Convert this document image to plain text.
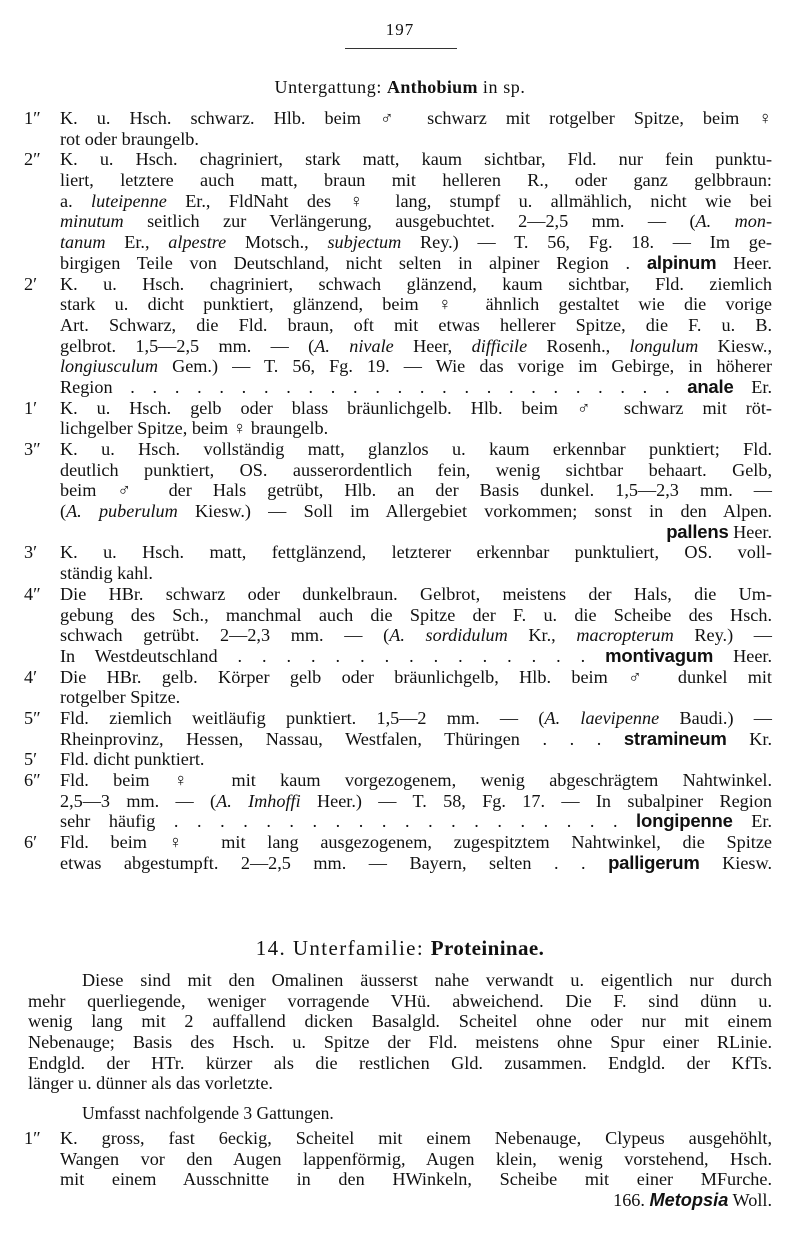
197
Untergattung: Anthobium in sp.
1″ K. u. Hsch. schwarz. Hlb. beim ♂ schwarz mit rotgelber Spitze, beim ♀
rot oder braungelb.
2″ K. u. Hsch. chagriniert, stark matt, kaum sichtbar, Fld. nur fein punktu-
liert, letztere auch matt, braun mit helleren R., oder ganz gelbbraun:
a. luteipenne Er., FldNaht des ♀ lang, stumpf u. allmählich, nicht wie bei
minutum seitlich zur Verlängerung, ausgebuchtet. 2—2,5 mm. — (A. mon-
tanum Er., alpestre Motsch., subjectum Rey.) — T. 56, Fg. 18. — Im ge-
birgigen Teile von Deutschland, nicht selten in alpiner Region . alpinum Heer.
2′ K. u. Hsch. chagriniert, schwach glänzend, kaum sichtbar, Fld. ziemlich
stark u. dicht punktiert, glänzend, beim ♀ ähnlich gestaltet wie die vorige
Art. Schwarz, die Fld. braun, oft mit etwas hellerer Spitze, die F. u. B.
gelbrot. 1,5—2,5 mm. — (A. nivale Heer, difficile Rosenh., longulum Kiesw.,
longiusculum Gem.) — T. 56, Fg. 19. — Wie das vorige im Gebirge, in höherer
Region . . . . . . . . . . . . . . . . . . . . . . . . . anale Er.
1′ K. u. Hsch. gelb oder blass bräunlichgelb. Hlb. beim ♂ schwarz mit röt-
lichgelber Spitze, beim ♀ braungelb.
3″ K. u. Hsch. vollständig matt, glanzlos u. kaum erkennbar punktiert; Fld.
deutlich punktiert, OS. ausserordentlich fein, wenig sichtbar behaart. Gelb,
beim ♂ der Hals getrübt, Hlb. an der Basis dunkel. 1,5—2,3 mm. —
(A. puberulum Kiesw.) — Soll im Allergebiet vorkommen; sonst in den Alpen.
pallens Heer.
3′ K. u. Hsch. matt, fettglänzend, letzterer erkennbar punktuliert, OS. voll-
ständig kahl.
4″ Die HBr. schwarz oder dunkelbraun. Gelbrot, meistens der Hals, die Um-
gebung des Sch., manchmal auch die Spitze der F. u. die Scheibe des Hsch.
schwach getrübt. 2—2,3 mm. — (A. sordidulum Kr., macropterum Rey.) —
In Westdeutschland . . . . . . . . . . . . . . . montivagum Heer.
4′ Die HBr. gelb. Körper gelb oder bräunlichgelb, Hlb. beim ♂ dunkel mit
rotgelber Spitze.
5″ Fld. ziemlich weitläufig punktiert. 1,5—2 mm. — (A. laevipenne Baudi.) —
Rheinprovinz, Hessen, Nassau, Westfalen, Thüringen . . . stramineum Kr.
5′ Fld. dicht punktiert.
6″ Fld. beim ♀ mit kaum vorgezogenem, wenig abgeschrägtem Nahtwinkel.
2,5—3 mm. — (A. Imhoffi Heer.) — T. 58, Fg. 17. — In subalpiner Region
sehr häufig . . . . . . . . . . . . . . . . . . . . longipenne Er.
6′ Fld. beim ♀ mit lang ausgezogenem, zugespitztem Nahtwinkel, die Spitze
etwas abgestumpft. 2—2,5 mm. — Bayern, selten . . palligerum Kiesw.
14. Unterfamilie: Proteininae.
Diese sind mit den Omalinen äusserst nahe verwandt u. eigentlich nur durch
mehr querliegende, weniger vorragende VHü. abweichend. Die F. sind dünn u.
wenig lang mit 2 auffallend dicken Basalgld. Scheitel ohne oder nur mit einem
Nebenauge; Basis des Hsch. u. Spitze der Fld. meistens ohne Spur einer RLinie.
Endgld. der HTr. kürzer als die restlichen Gld. zusammen. Endgld. der KfTs.
länger u. dünner als das vorletzte.
Umfasst nachfolgende 3 Gattungen.
1″ K. gross, fast 6eckig, Scheitel mit einem Nebenauge, Clypeus ausgehöhlt,
Wangen vor den Augen lappenförmig, Augen klein, wenig vorstehend, Hsch.
mit einem Ausschnitte in den HWinkeln, Scheibe mit einer MFurche.
166. Metopsia Woll.
